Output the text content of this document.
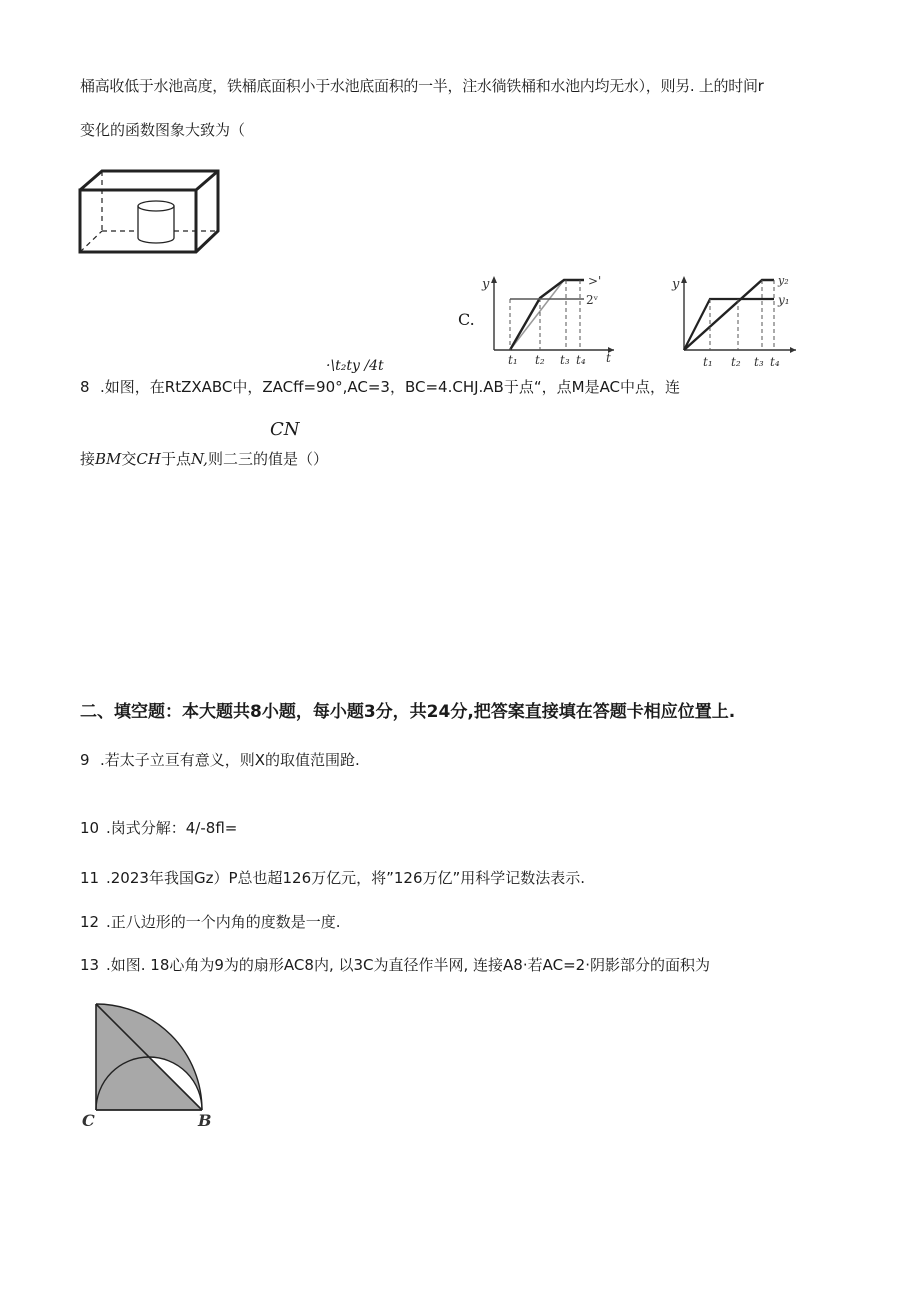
桶高收低于水池高度，铁桶底面积小于水池底面积的一半，注水徜铁桶和水池内均无水），则另. 上的时间r
变化的函数图象大致为（
·\t₂ty /4t
C.
y
t
>'
2ᵛ
t₁ t₂ t₃ t₄
y	y₂
y₁
t₁ t₂ t₃ t₄
8 .如图，在RtZXABC中，ZACff=90°,AC=3，BC=4.CHJ.AB于点“，点M是AC中点，连
CN
接BM交CH于点N,则二三的值是（）
二、填空题：本大题共8小题，每小题3分，共24分,把答案直接填在答题卡相应位置上.
9 .若太子立亘有意义，则X的取值范围跄.
10 .岗式分解：4∕-8fl=
11 .2023年我国Gz）P总也超126万亿元，将”126万亿”用科学记数法表示.
12 .正八边形的一个内角的度数是一度.
13 .如图. 18心角为9为的扇形AC8内, 以3C为直径作半网, 连接A8·若AC=2·阴影部分的面积为
C	B
